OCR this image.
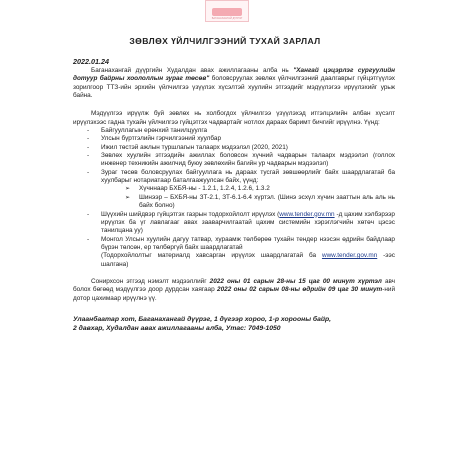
БАГАНАХАНГАЙ ДҮҮРЭГ
ЗӨВЛӨХ ҮЙЛЧИЛГЭЭНИЙ ТУХАЙ ЗАРЛАЛ
2022.01.24

Баганахангай дүүргийн Худалдан авах ажиллагааны алба нь "Хангай цэцэрлэг сургуулийн дотуур байрны хоололлын зураг төсөв" боловсруулах зөвлөх үйлчилгээний даалгаврыг гүйцэтгүүлэх зорилгоор ТТЗ-ийн эрхийн үйлчилгээ үзүүлэх хүсэлтэй хуулийн этгээдийг мэдүүлэгээ ирүүлэхийг урьж байна.

Мэдүүлгээ ирүүлж буй зөвлөх нь холбогдох үйлчилгээ үзүүлэхэд итгэлцэлийн албан хүсэлт ирүүлэхээс гадна тухайн үйлчилгээ гүйцэтгэх чадвартайг нотлох дараах баримт бичгийг ирүүлнэ. Үүнд:

- Байгууллагын ерөнхий танилцуулга
- Улсын бүртгэлийн гэрчилгээний хуулбар
- Ижил төстэй ажлын туршлагын талаарх мэдээлэл (2020, 2021)
- Зөвлөх хуулийн этгээдийн ажиллах боловсон хүчний чадварын талаарх мэдээлэл (голлох инженер техникийн ажилчид буюу зөвлөхийн багийн ур чадварын мэдээлэл)
- Зураг төсөв боловсруулах байгууллага нь дараах тусгай зөвшөөрлийг байх шаардлагатай ба хуулбарыг нотариатаар баталгаажуулсан байх, үүнд:
➢ Хүчннаар БХБЯ-ны - 1.2.1, 1.2.4, 1.2.6, 1.3.2
➢ Шинээр – БХБЯ-ны ЗТ-2.1, ЗТ-6.1-6.4 хүртэл. (Шинэ эсхүл хүчин зааттын аль аль нь байх болно)
- Шүүхийн шийдвэр гүйцэтгэх газрын тодорхойлолт ирүүлэх (www.tender.gov.mn -д цахим хэлбэрээр ирүүлэх ба үг лавлагааг авах зааварчилгаатай цахим системийн хэрэглэгчийн хөтөч цэсэс танилцана уу)
- Монгол Улсын хуулийн дагуу татвар, хураамж төлбөрөө тухайн тендер нээсэн өдрийн байдлаар бүрэн төлсөн, ер төлбөргүй байх шаардлагатай
(Тодорхойлолтыг материалд хавсарган ирүүлэх шаардлагатай ба www.tender.gov.mn -ээс шалгана)

Сонирхсон этгээд нэмэлт мэдээллийг 2022 оны 01 сарын 28-ны 15 цаг 00 минут хүртэл авч болох бөгөөд мэдүүлгээ доор дурдсан хаягаар 2022 оны 02 сарын 08-ны өдрийн 09 цаг 30 минут-ний дотор цахимаар ирүүлнэ үү.

Улаанбаатар хот, Баганахангай дүүрэг, 1 дүгээр хороо, 1-р хорооны байр,
2 давхар, Худалдан авах ажиллагааны алба, Утас: 7049-1050
